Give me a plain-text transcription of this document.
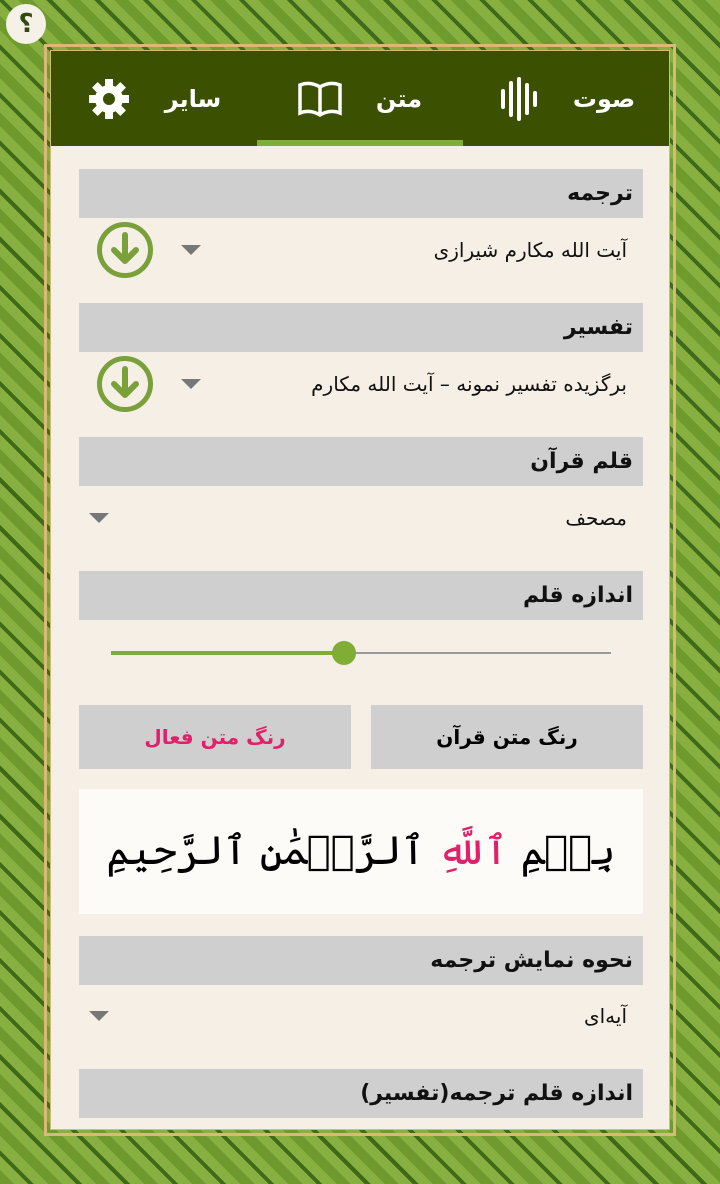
؟
صوت
متن
سایر
ترجمه
آیت الله مکارم شیرازی
تفسیر
برگزیده تفسیر نمونه – آیت الله مکارم
قلم قرآن
مصحف
اندازه قلم
رنگ متن قرآن
رنگ متن فعال
بِسۡمِ ٱللَّهِ ٱلرَّحۡمَٰنِ ٱلرَّحِيمِ
نحوه نمایش ترجمه
آیه‌ای
اندازه قلم ترجمه(تفسیر)
